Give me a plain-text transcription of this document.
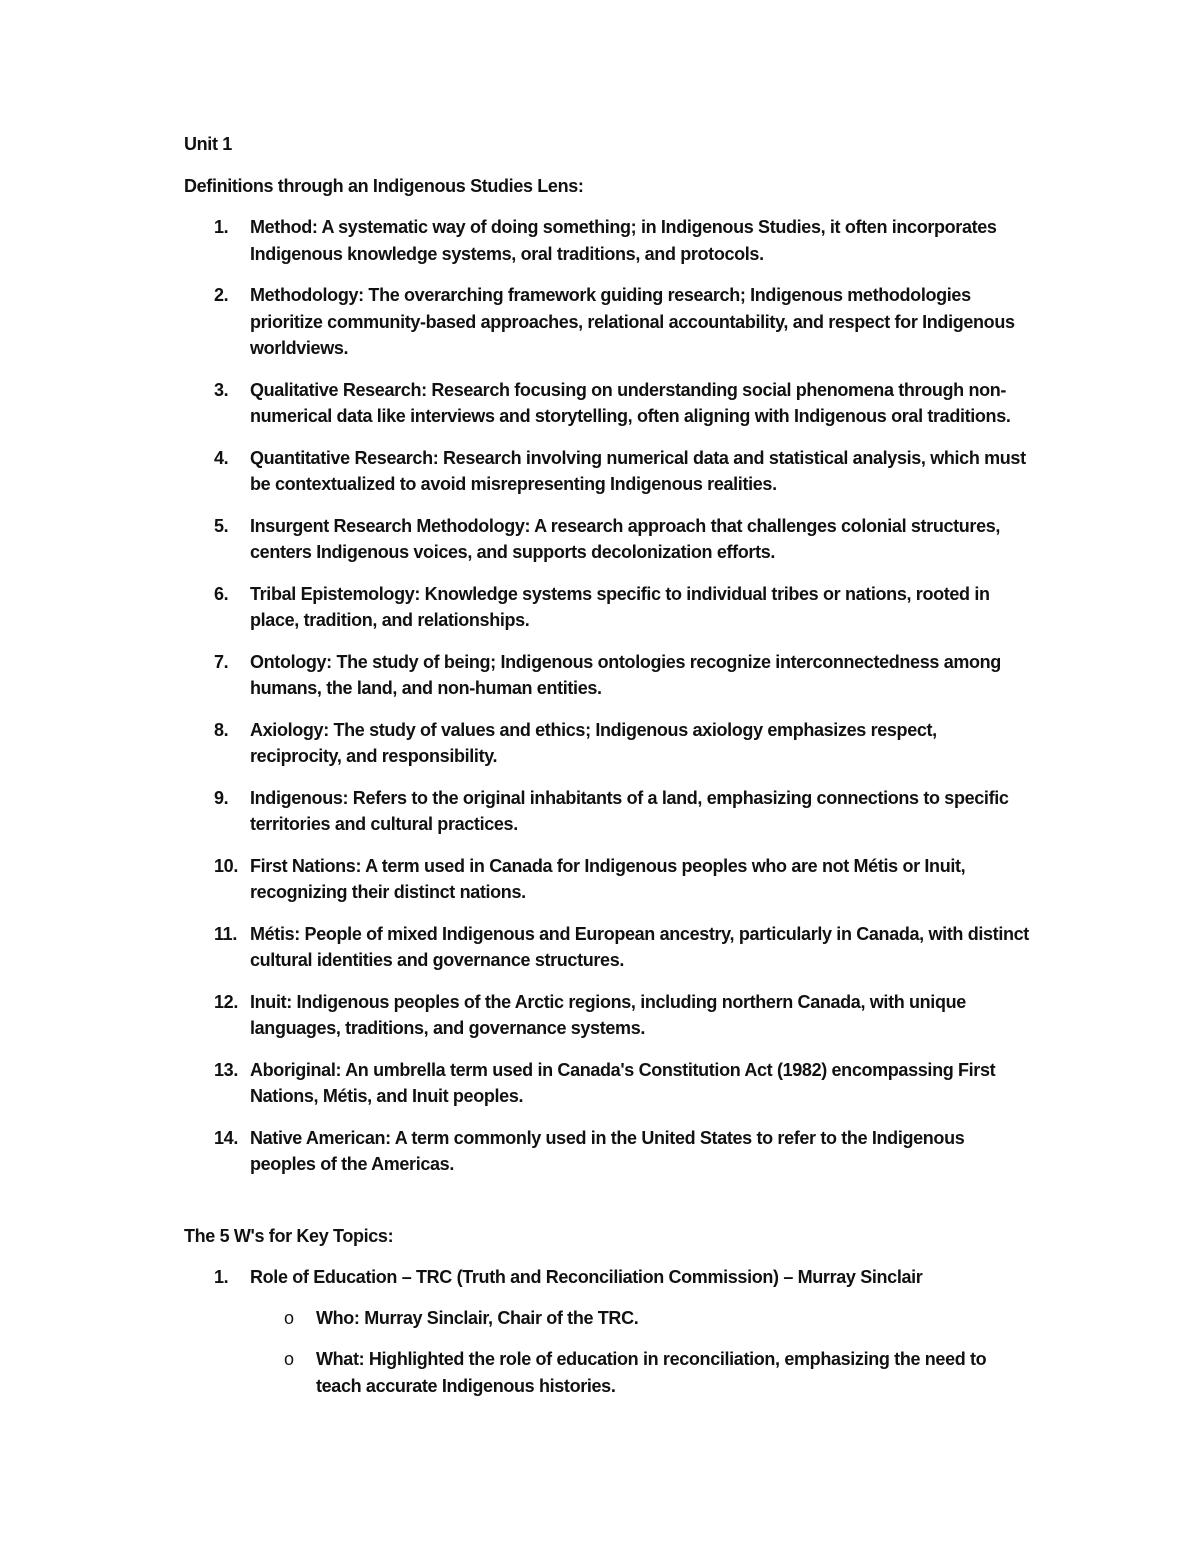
Unit 1
Definitions through an Indigenous Studies Lens:
1.	Method: A systematic way of doing something; in Indigenous Studies, it often incorporates Indigenous knowledge systems, oral traditions, and protocols.
2.	Methodology: The overarching framework guiding research; Indigenous methodologies prioritize community-based approaches, relational accountability, and respect for Indigenous worldviews.
3.	Qualitative Research: Research focusing on understanding social phenomena through non-numerical data like interviews and storytelling, often aligning with Indigenous oral traditions.
4.	Quantitative Research: Research involving numerical data and statistical analysis, which must be contextualized to avoid misrepresenting Indigenous realities.
5.	Insurgent Research Methodology: A research approach that challenges colonial structures, centers Indigenous voices, and supports decolonization efforts.
6.	Tribal Epistemology: Knowledge systems specific to individual tribes or nations, rooted in place, tradition, and relationships.
7.	Ontology: The study of being; Indigenous ontologies recognize interconnectedness among humans, the land, and non-human entities.
8.	Axiology: The study of values and ethics; Indigenous axiology emphasizes respect, reciprocity, and responsibility.
9.	Indigenous: Refers to the original inhabitants of a land, emphasizing connections to specific territories and cultural practices.
10. First Nations: A term used in Canada for Indigenous peoples who are not Métis or Inuit, recognizing their distinct nations.
11. Métis: People of mixed Indigenous and European ancestry, particularly in Canada, with distinct cultural identities and governance structures.
12. Inuit: Indigenous peoples of the Arctic regions, including northern Canada, with unique languages, traditions, and governance systems.
13. Aboriginal: An umbrella term used in Canada's Constitution Act (1982) encompassing First Nations, Métis, and Inuit peoples.
14. Native American: A term commonly used in the United States to refer to the Indigenous peoples of the Americas.
The 5 W's for Key Topics:
1.	Role of Education – TRC (Truth and Reconciliation Commission) – Murray Sinclair
o Who: Murray Sinclair, Chair of the TRC.
o What: Highlighted the role of education in reconciliation, emphasizing the need to teach accurate Indigenous histories.
